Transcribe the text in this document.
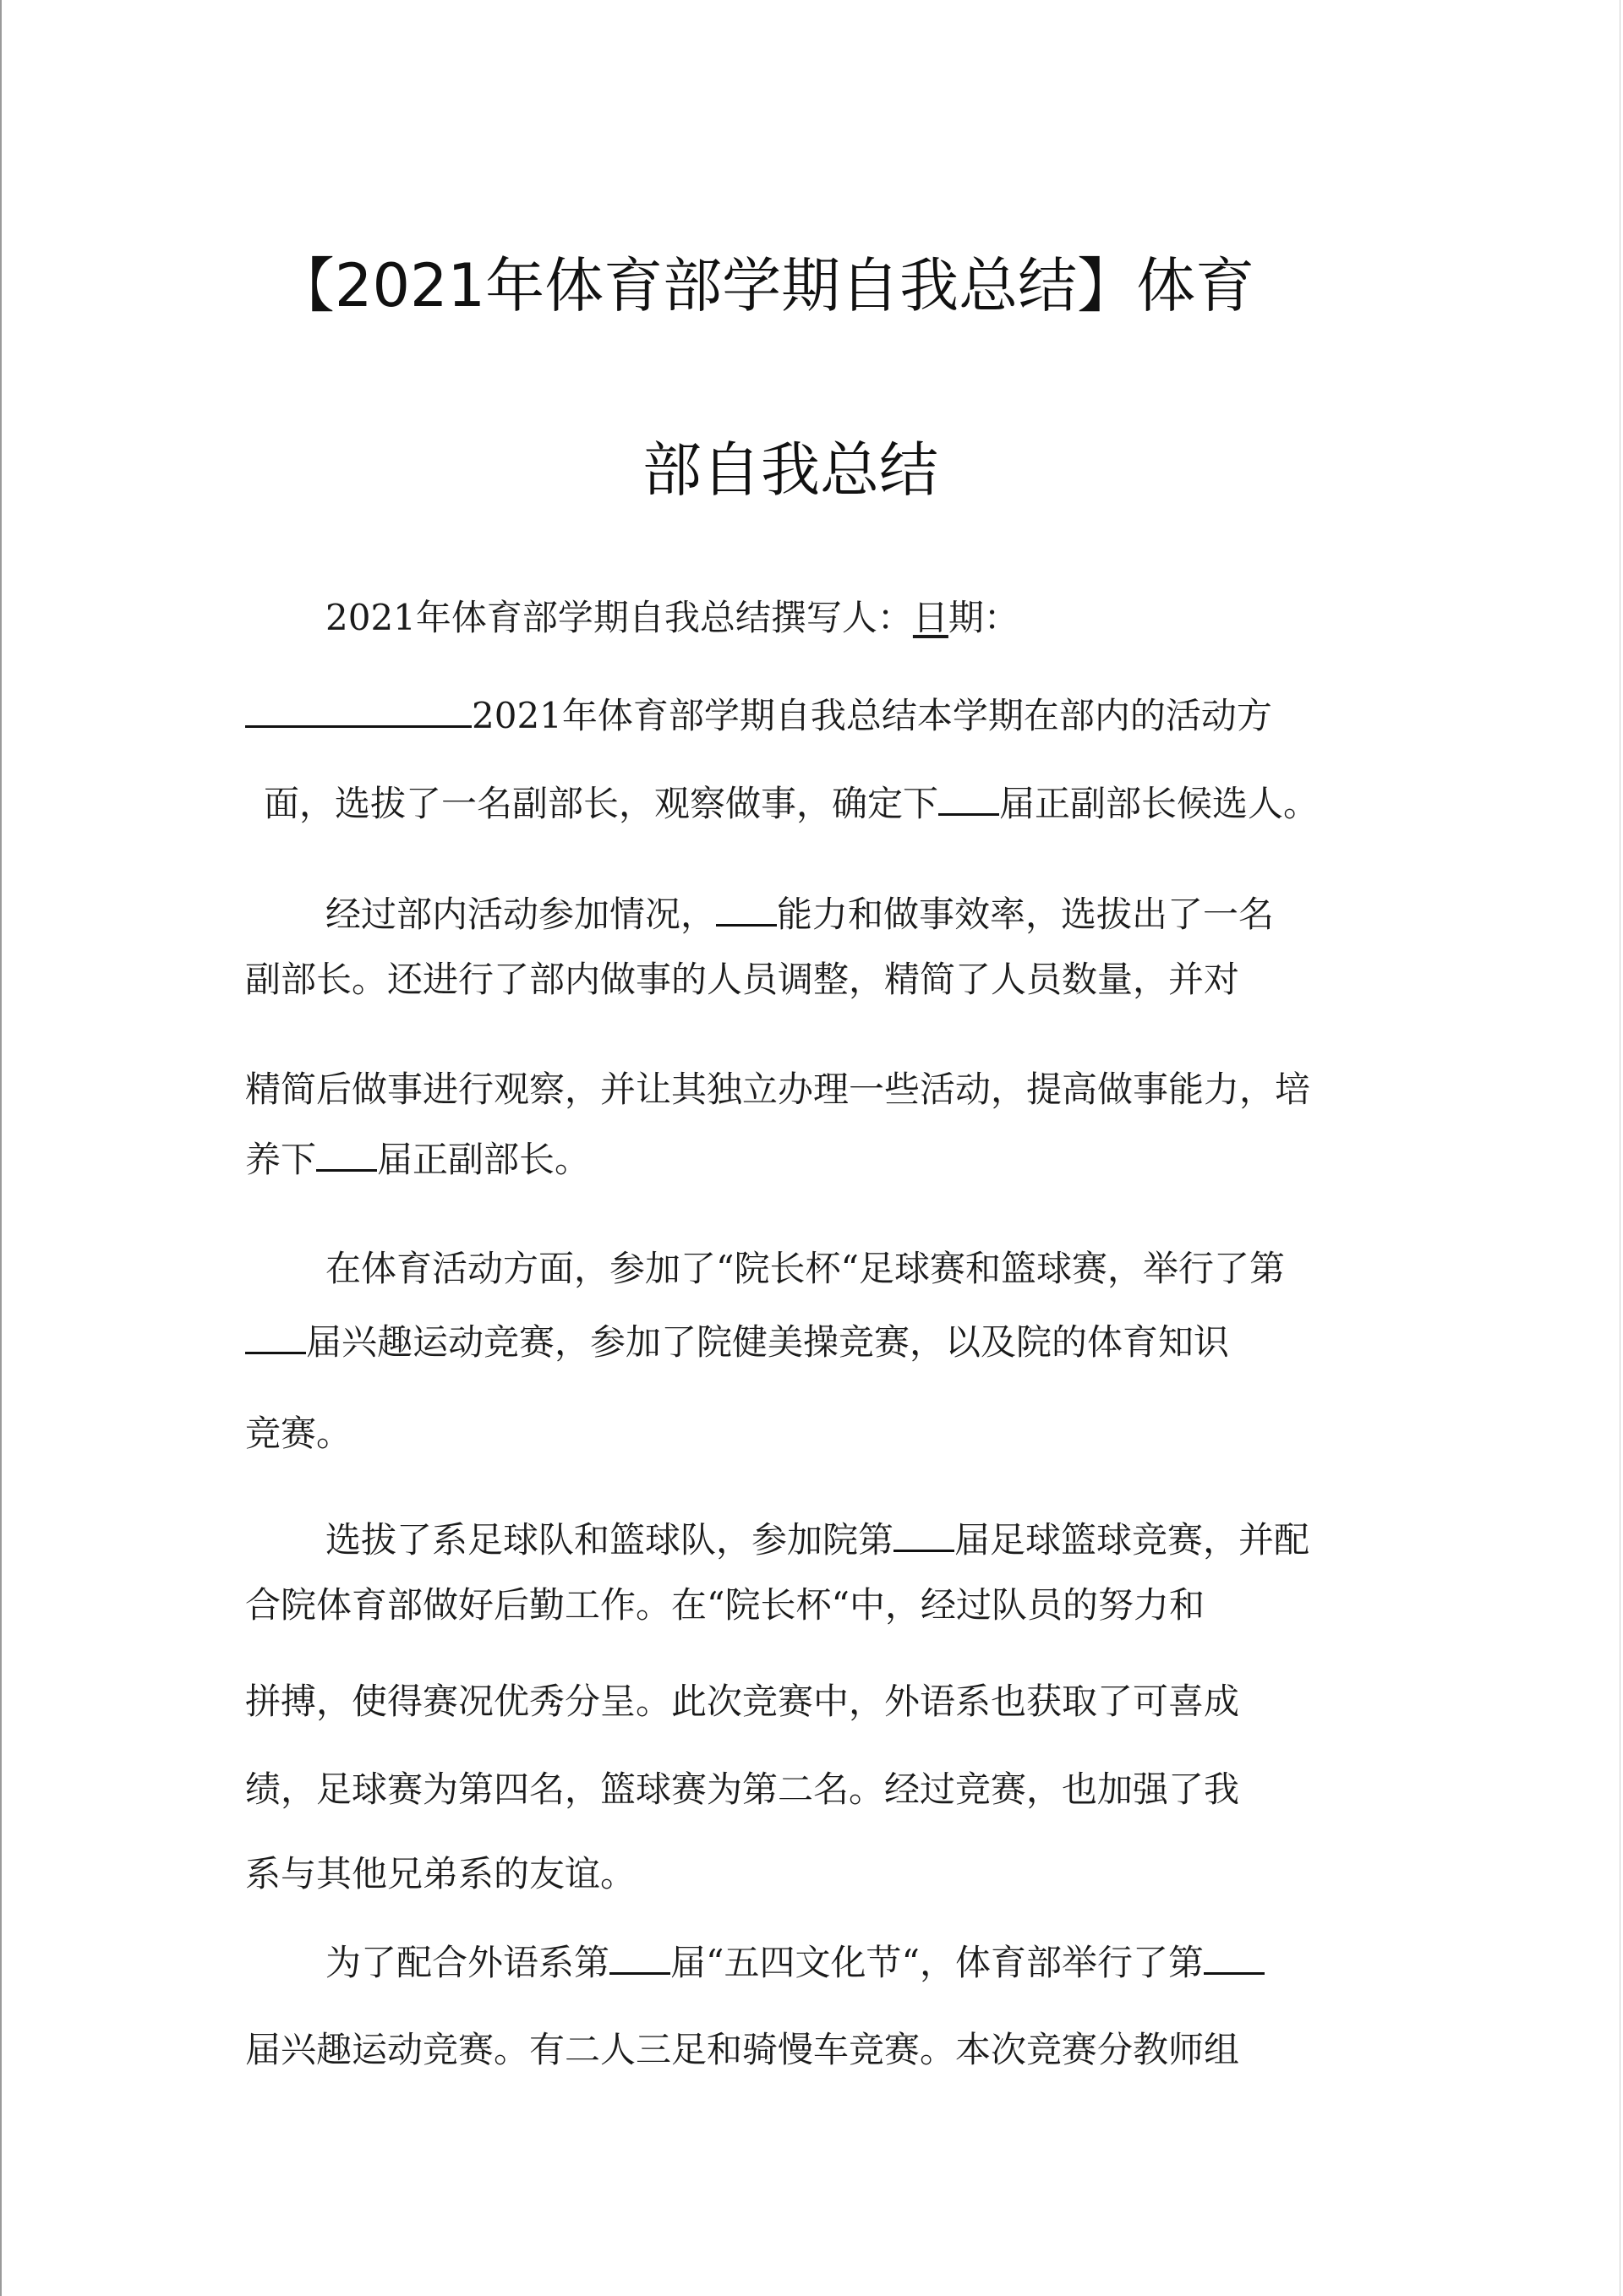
【2021年体育部学期自我总结】体育
部自我总结
2021年体育部学期自我总结撰写人：日期：
2021年体育部学期自我总结本学期在部内的活动方
面，选拔了一名副部长，观察做事，确定下 届正副部长候选人。
经过部内活动参加情况， 能力和做事效率，选拔出了一名
副部长。还进行了部内做事的人员调整，精简了人员数量，并对
精简后做事进行观察，并让其独立办理一些活动，提高做事能力，培
养下 届正副部长。
在体育活动方面，参加了“院长杯“足球赛和篮球赛，举行了第
届兴趣运动竞赛，参加了院健美操竞赛，以及院的体育知识
竞赛。
选拔了系足球队和篮球队，参加院第 届足球篮球竞赛，并配
合院体育部做好后勤工作。在“院长杯“中，经过队员的努力和
拼搏，使得赛况优秀分呈。此次竞赛中，外语系也获取了可喜成
绩，足球赛为第四名，篮球赛为第二名。经过竞赛，也加强了我
系与其他兄弟系的友谊。
为了配合外语系第 届“五四文化节“，体育部举行了第
届兴趣运动竞赛。有二人三足和骑慢车竞赛。本次竞赛分教师组
